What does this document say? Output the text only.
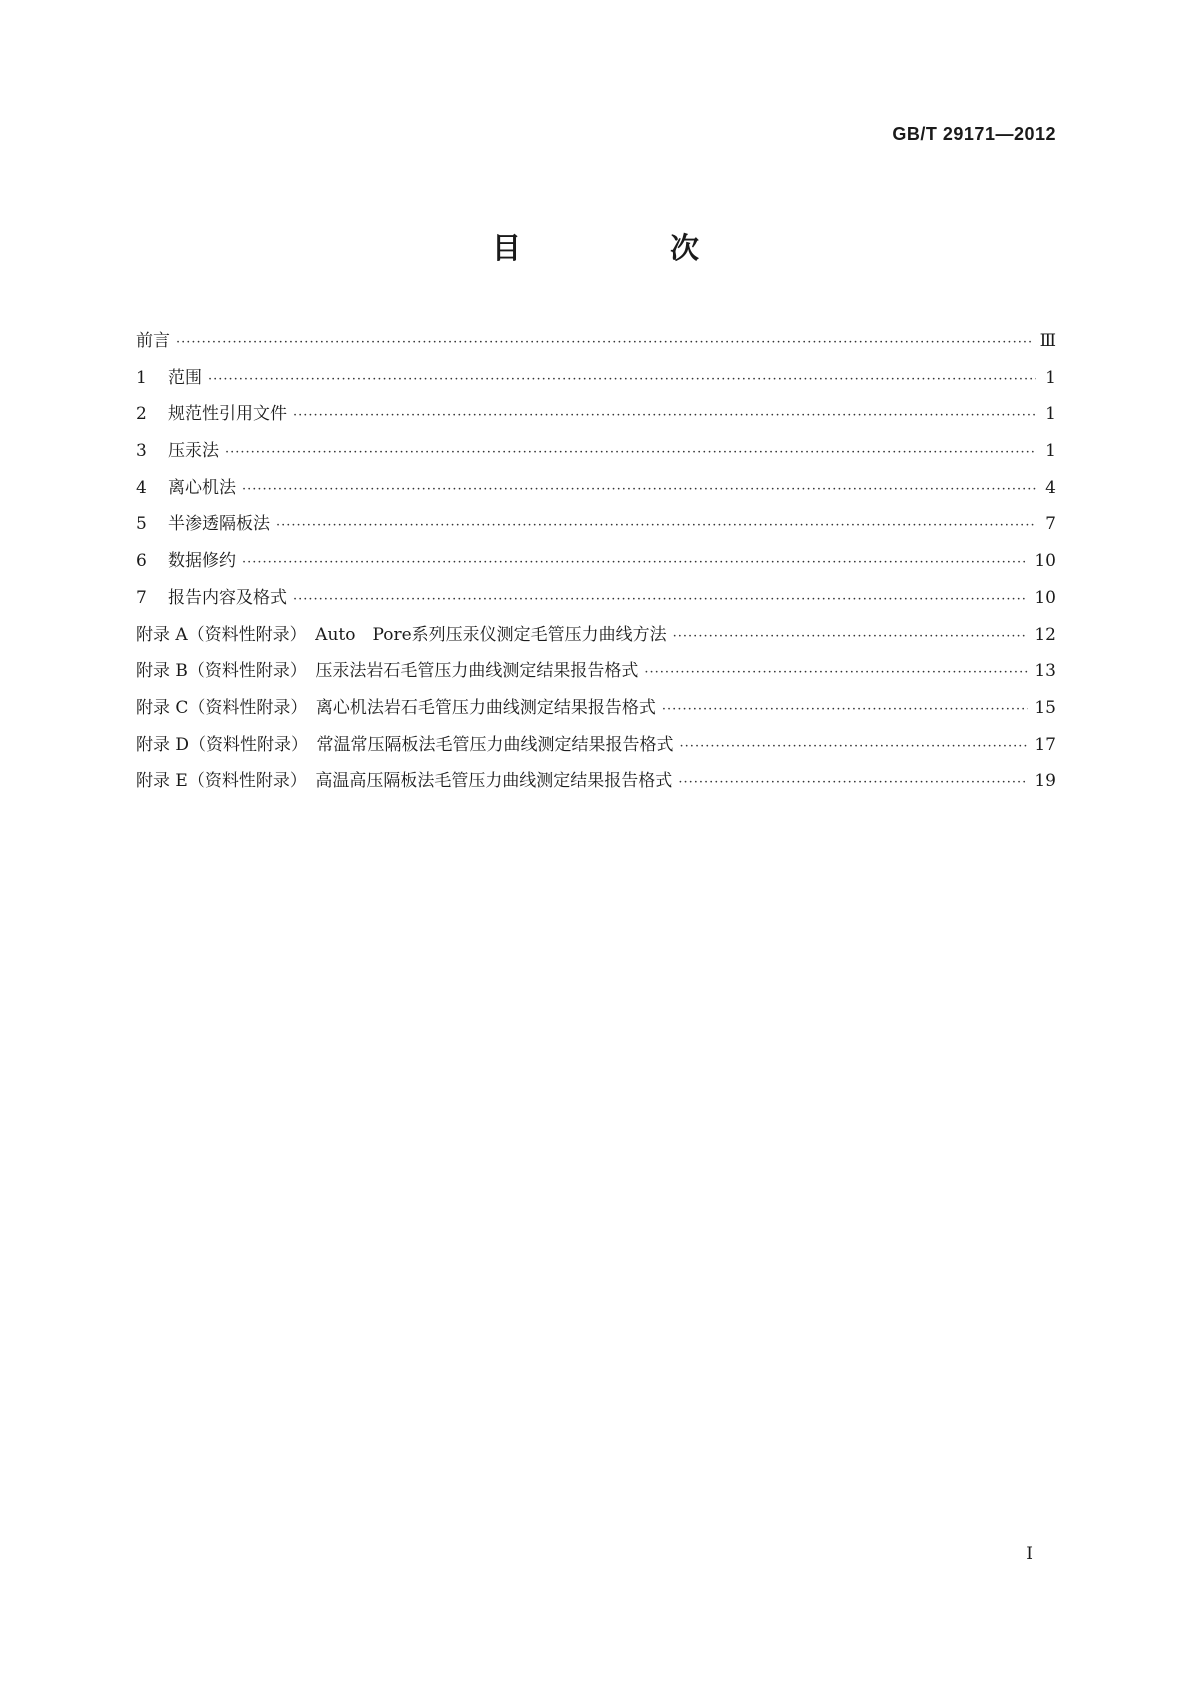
GB/T 29171—2012
目　次
前言 ·····	Ⅲ
1	范围 ·····	1
2	规范性引用文件 ·····	1
3	压汞法 ·····	1
4	离心机法 ·····	4
5	半渗透隔板法 ·····	7
6	数据修约 ·····	10
7	报告内容及格式 ·····	10
附录 A（资料性附录）　Auto　Pore系列压汞仪测定毛管压力曲线方法 ·····	12
附录 B（资料性附录）　压汞法岩石毛管压力曲线测定结果报告格式 ·····	13
附录 C（资料性附录）　离心机法岩石毛管压力曲线测定结果报告格式 ·····	15
附录 D（资料性附录）　常温常压隔板法毛管压力曲线测定结果报告格式 ·····	17
附录 E（资料性附录）　高温高压隔板法毛管压力曲线测定结果报告格式 ·····	19
I
